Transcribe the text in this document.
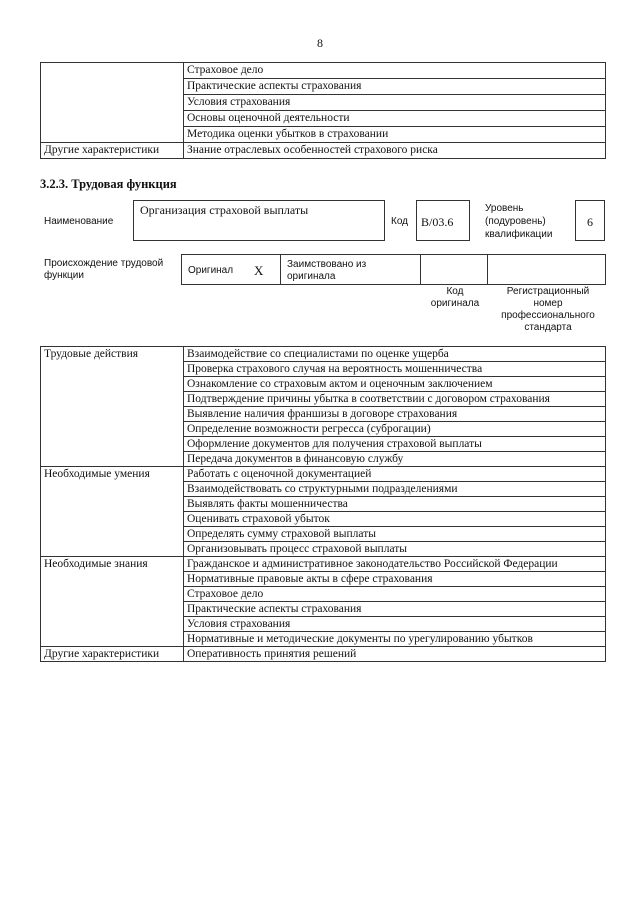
8
	Страховое дело
	Практические аспекты страхования
	Условия страхования
	Основы оценочной деятельности
	Методика оценки убытков в страховании
Другие характеристики	Знание отраслевых особенностей страхового риска
3.2.3. Трудовая функция
Наименование
Организация страховой выплаты
Код	В/03.6
Уровень (подуровень) квалификации
6
Происхождение трудовой функции	Оригинал X Заимствовано из оригинала
Код оригинала
Регистрационный номер профессионального стандарта
Трудовые действия	Взаимодействие со специалистами по оценке ущерба
	Проверка страхового случая на вероятность мошенничества
	Ознакомление со страховым актом и оценочным заключением
	Подтверждение причины убытка в соответствии с договором страхования
	Выявление наличия франшизы в договоре страхования
	Определение возможности регресса (суброгации)
	Оформление документов для получения страховой выплаты
	Передача документов в финансовую службу
Необходимые умения	Работать с оценочной документацией
	Взаимодействовать со структурными подразделениями
	Выявлять факты мошенничества
	Оценивать страховой убыток
	Определять сумму страховой выплаты
	Организовывать процесс страховой выплаты
Необходимые знания	Гражданское и административное законодательство Российской Федерации
	Нормативные правовые акты в сфере страхования
	Страховое дело
	Практические аспекты страхования
	Условия страхования
	Нормативные и методические документы по урегулированию убытков
Другие характеристики	Оперативность принятия решений
